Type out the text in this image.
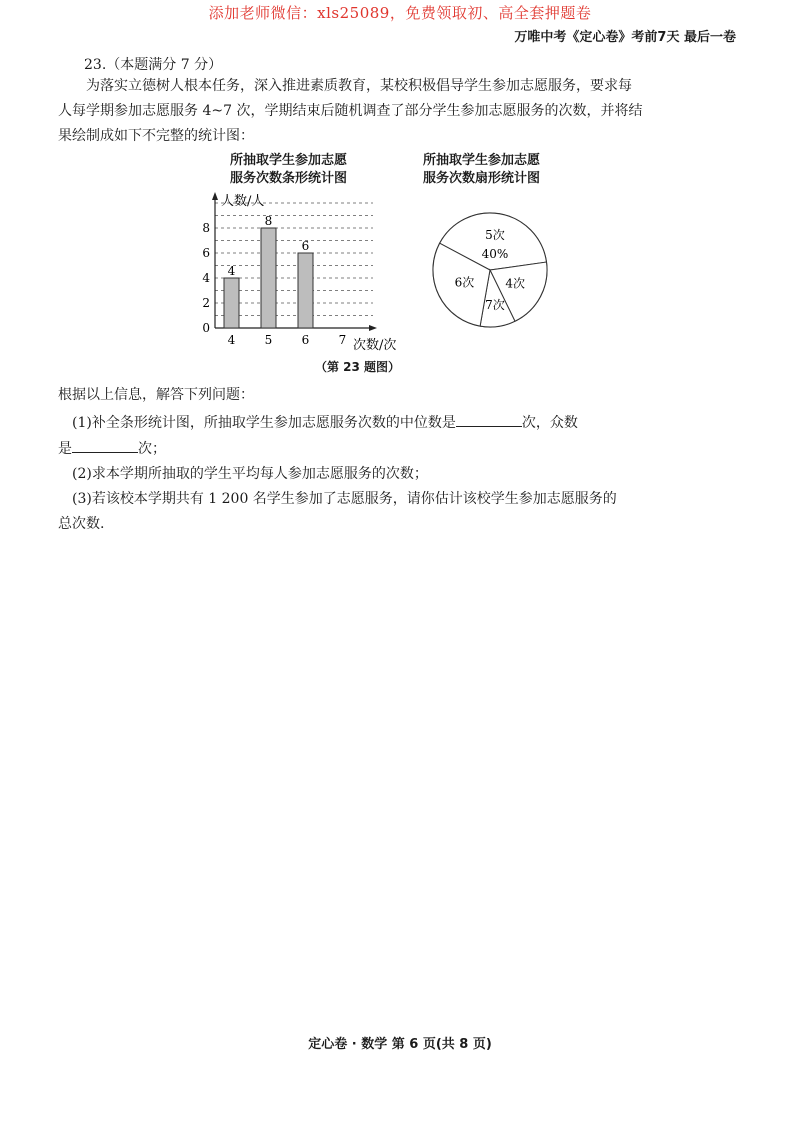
添加老师微信：xls25089，免费领取初、高全套押题卷
万唯中考《定心卷》考前7天 最后一卷
23.（本题满分 7 分）

为落实立德树人根本任务，深入推进素质教育，某校积极倡导学生参加志愿服务，要求每

人每学期参加志愿服务 4~7 次，学期结束后随机调查了部分学生参加志愿服务的次数，并将结

果绘制成如下不完整的统计图：

所抽取学生参加志愿
服务次数条形统计图
所抽取学生参加志愿
服务次数扇形统计图
人数/人
次数/次
0
2
4
6
8
4
8
6
4 5 6 7
5次
40%
4次
7次
6次
（第 23 题图）

根据以上信息，解答下列问题：

(1)补全条形统计图，所抽取学生参加志愿服务次数的中位数是	次，众数

是	次；

(2)求本学期所抽取的学生平均每人参加志愿服务的次数；

(3)若该校本学期共有 1 200 名学生参加了志愿服务，请你估计该校学生参加志愿服务的

总次数.

定心卷 · 数学 第 6 页(共 8 页)
